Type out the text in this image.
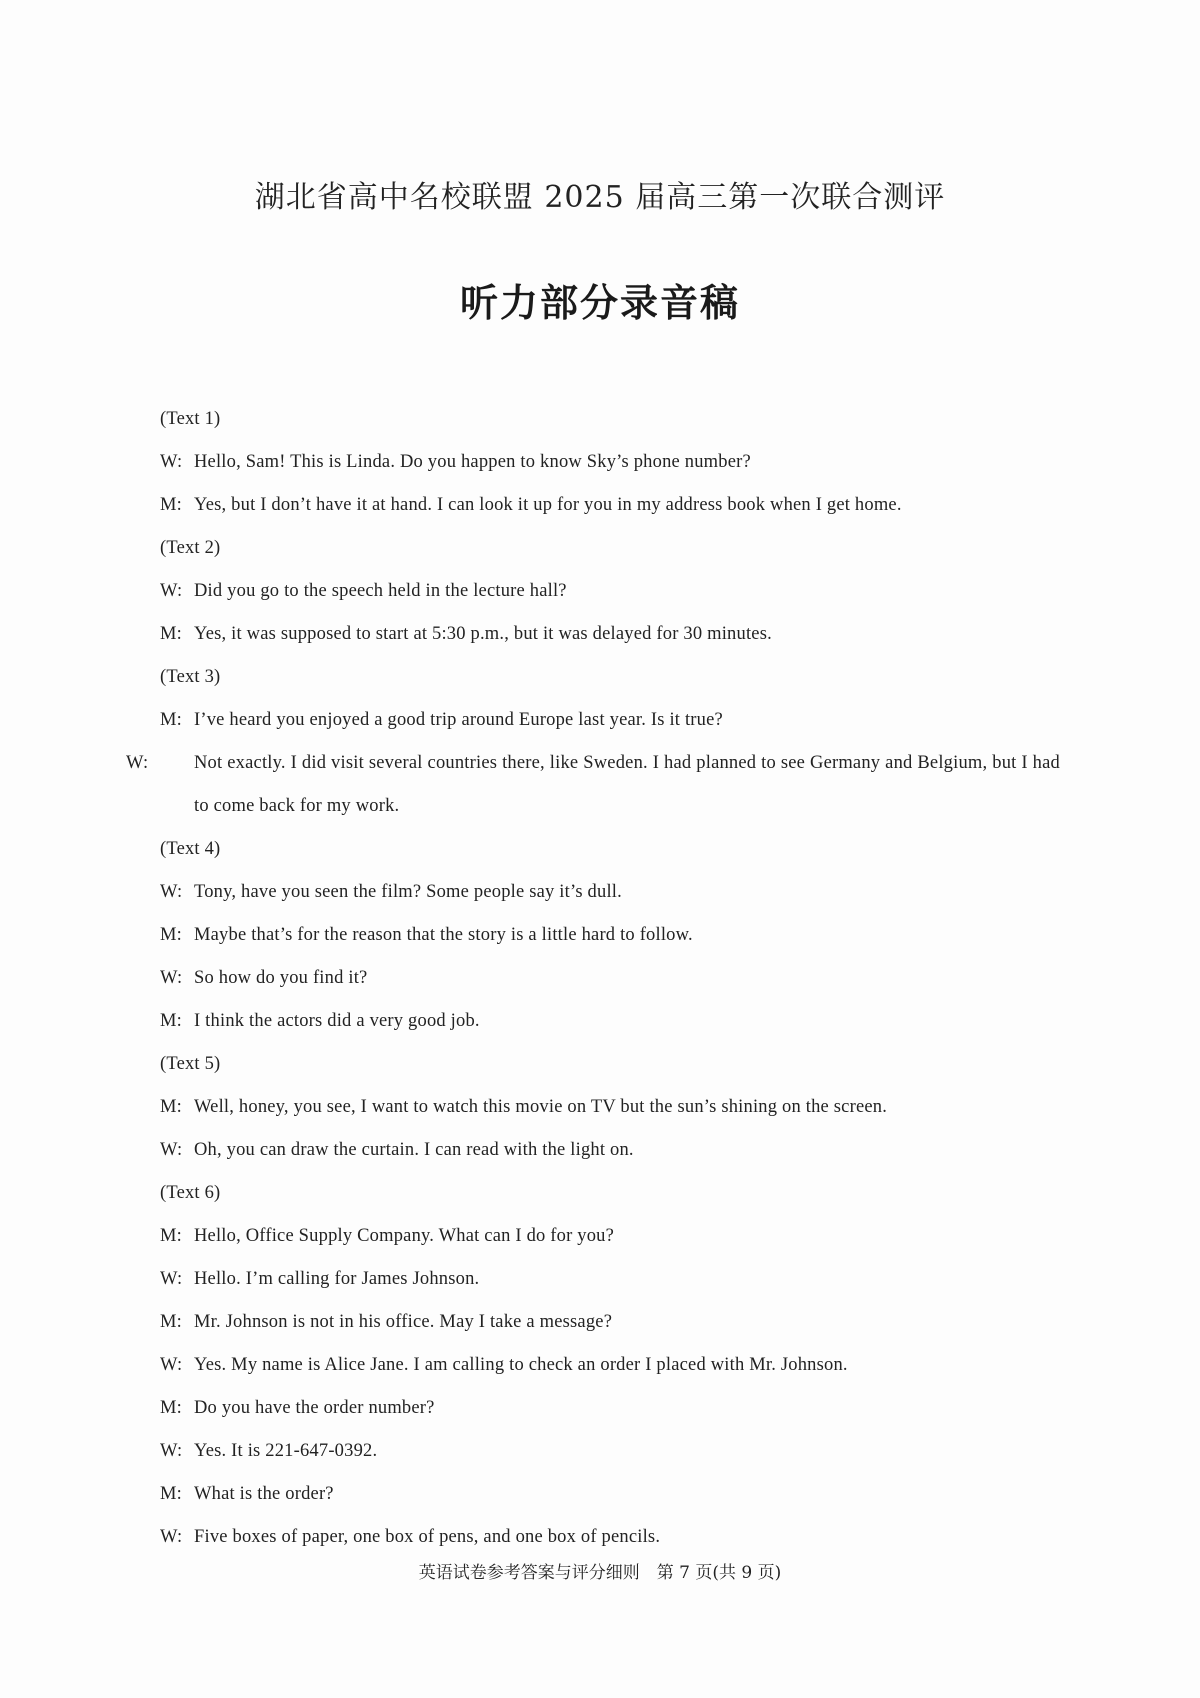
湖北省高中名校联盟 2025 届高三第一次联合测评
听力部分录音稿
(Text 1)
W: Hello, Sam! This is Linda. Do you happen to know Sky’s phone number?
M: Yes, but I don’t have it at hand. I can look it up for you in my address book when I get home.
(Text 2)
W: Did you go to the speech held in the lecture hall?
M: Yes, it was supposed to start at 5:30 p.m., but it was delayed for 30 minutes.
(Text 3)
M: I’ve heard you enjoyed a good trip around Europe last year. Is it true?
W: Not exactly. I did visit several countries there, like Sweden. I had planned to see Germany and Belgium, but I had to come back for my work.
(Text 4)
W: Tony, have you seen the film? Some people say it’s dull.
M: Maybe that’s for the reason that the story is a little hard to follow.
W: So how do you find it?
M: I think the actors did a very good job.
(Text 5)
M: Well, honey, you see, I want to watch this movie on TV but the sun’s shining on the screen.
W: Oh, you can draw the curtain. I can read with the light on.
(Text 6)
M: Hello, Office Supply Company. What can I do for you?
W: Hello. I’m calling for James Johnson.
M: Mr. Johnson is not in his office. May I take a message?
W: Yes. My name is Alice Jane. I am calling to check an order I placed with Mr. Johnson.
M: Do you have the order number?
W: Yes. It is 221-647-0392.
M: What is the order?
W: Five boxes of paper, one box of pens, and one box of pencils.
英语试卷参考答案与评分细则　第 7 页(共 9 页)
